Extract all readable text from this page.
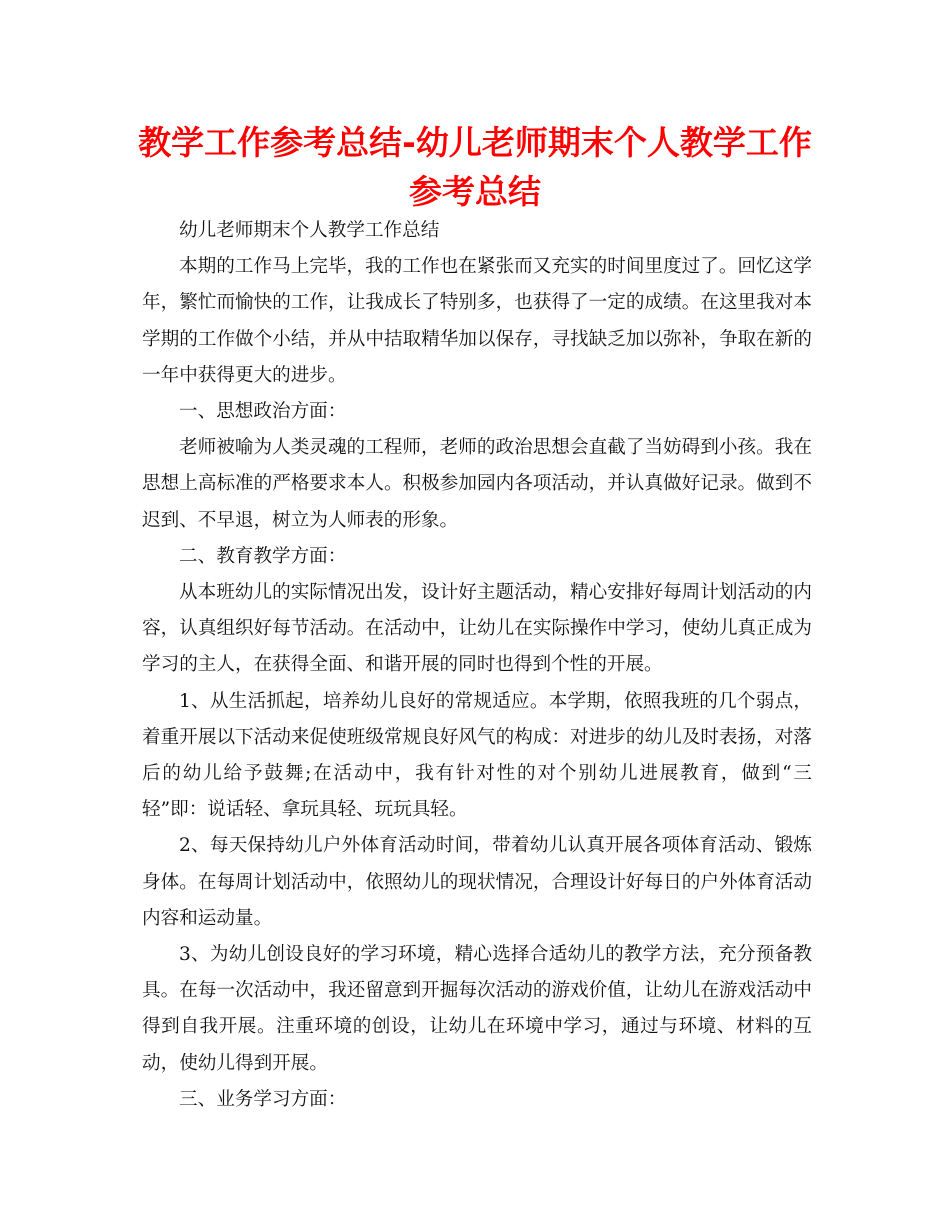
教学工作参考总结-幼儿老师期末个人教学工作参考总结

幼儿老师期末个人教学工作总结

本期的工作马上完毕，我的工作也在紧张而又充实的时间里度过了。回忆这学年，繁忙而愉快的工作，让我成长了特别多，也获得了一定的成绩。在这里我对本学期的工作做个小结，并从中拮取精华加以保存，寻找缺乏加以弥补，争取在新的一年中获得更大的进步。

一、思想政治方面：

老师被喻为人类灵魂的工程师，老师的政治思想会直截了当妨碍到小孩。我在思想上高标准的严格要求本人。积极参加园内各项活动，并认真做好记录。做到不迟到、不早退，树立为人师表的形象。

二、教育教学方面：

从本班幼儿的实际情况出发，设计好主题活动，精心安排好每周计划活动的内容，认真组织好每节活动。在活动中，让幼儿在实际操作中学习，使幼儿真正成为学习的主人，在获得全面、和谐开展的同时也得到个性的开展。

1、从生活抓起，培养幼儿良好的常规适应。本学期，依照我班的几个弱点，着重开展以下活动来促使班级常规良好风气的构成：对进步的幼儿及时表扬，对落后的幼儿给予鼓舞;在活动中，我有针对性的对个别幼儿进展教育，做到“三轻”即：说话轻、拿玩具轻、玩玩具轻。

2、每天保持幼儿户外体育活动时间，带着幼儿认真开展各项体育活动、锻炼身体。在每周计划活动中，依照幼儿的现状情况，合理设计好每日的户外体育活动内容和运动量。

3、为幼儿创设良好的学习环境，精心选择合适幼儿的教学方法，充分预备教具。在每一次活动中，我还留意到开掘每次活动的游戏价值，让幼儿在游戏活动中得到自我开展。注重环境的创设，让幼儿在环境中学习，通过与环境、材料的互动，使幼儿得到开展。

三、业务学习方面：
